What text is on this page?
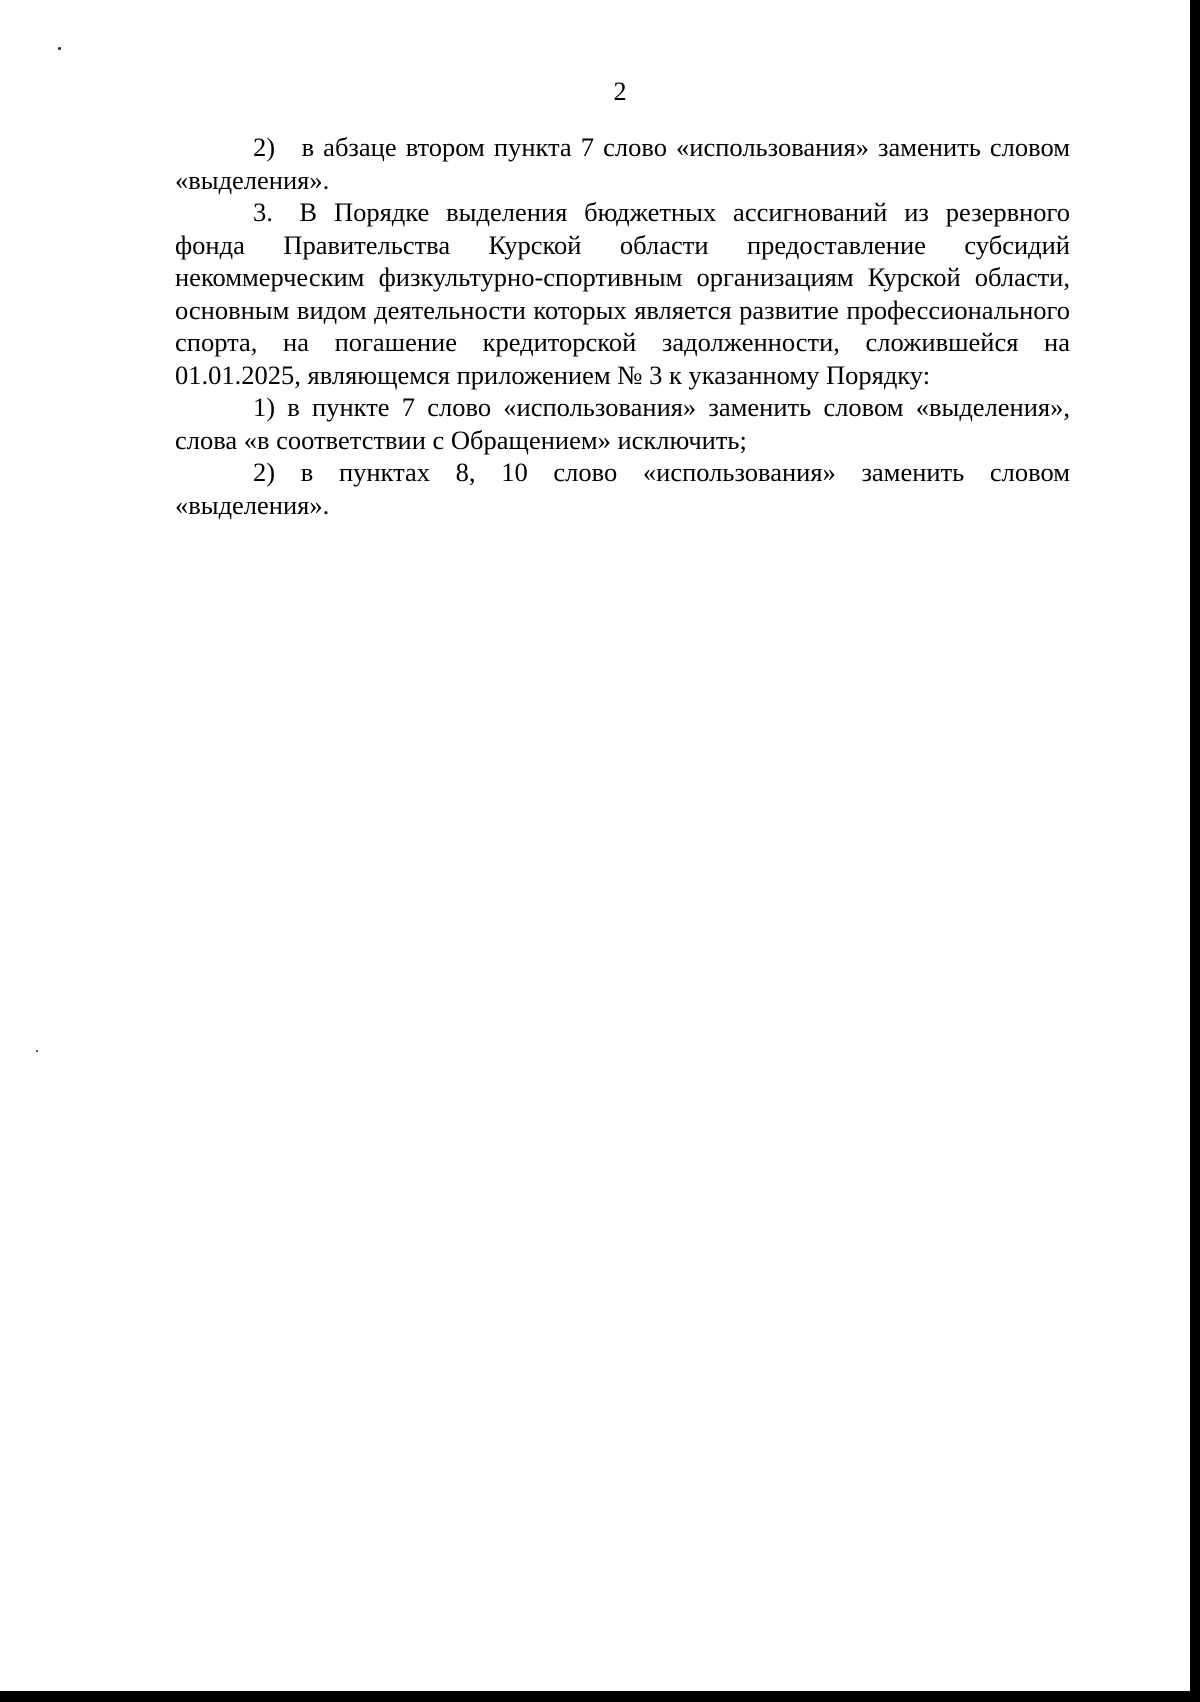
2

2) в абзаце втором пункта 7 слово «использования» заменить словом «выделения».

3. В Порядке выделения бюджетных ассигнований из резервного фонда Правительства Курской области предоставление субсидий некоммерческим физкультурно-спортивным организациям Курской области, основным видом деятельности которых является развитие профессионального спорта, на погашение кредиторской задолженности, сложившейся на 01.01.2025, являющемся приложением № 3 к указанному Порядку:

1) в пункте 7 слово «использования» заменить словом «выделения», слова «в соответствии с Обращением» исключить;

2) в пунктах 8, 10 слово «использования» заменить словом «выделения».
